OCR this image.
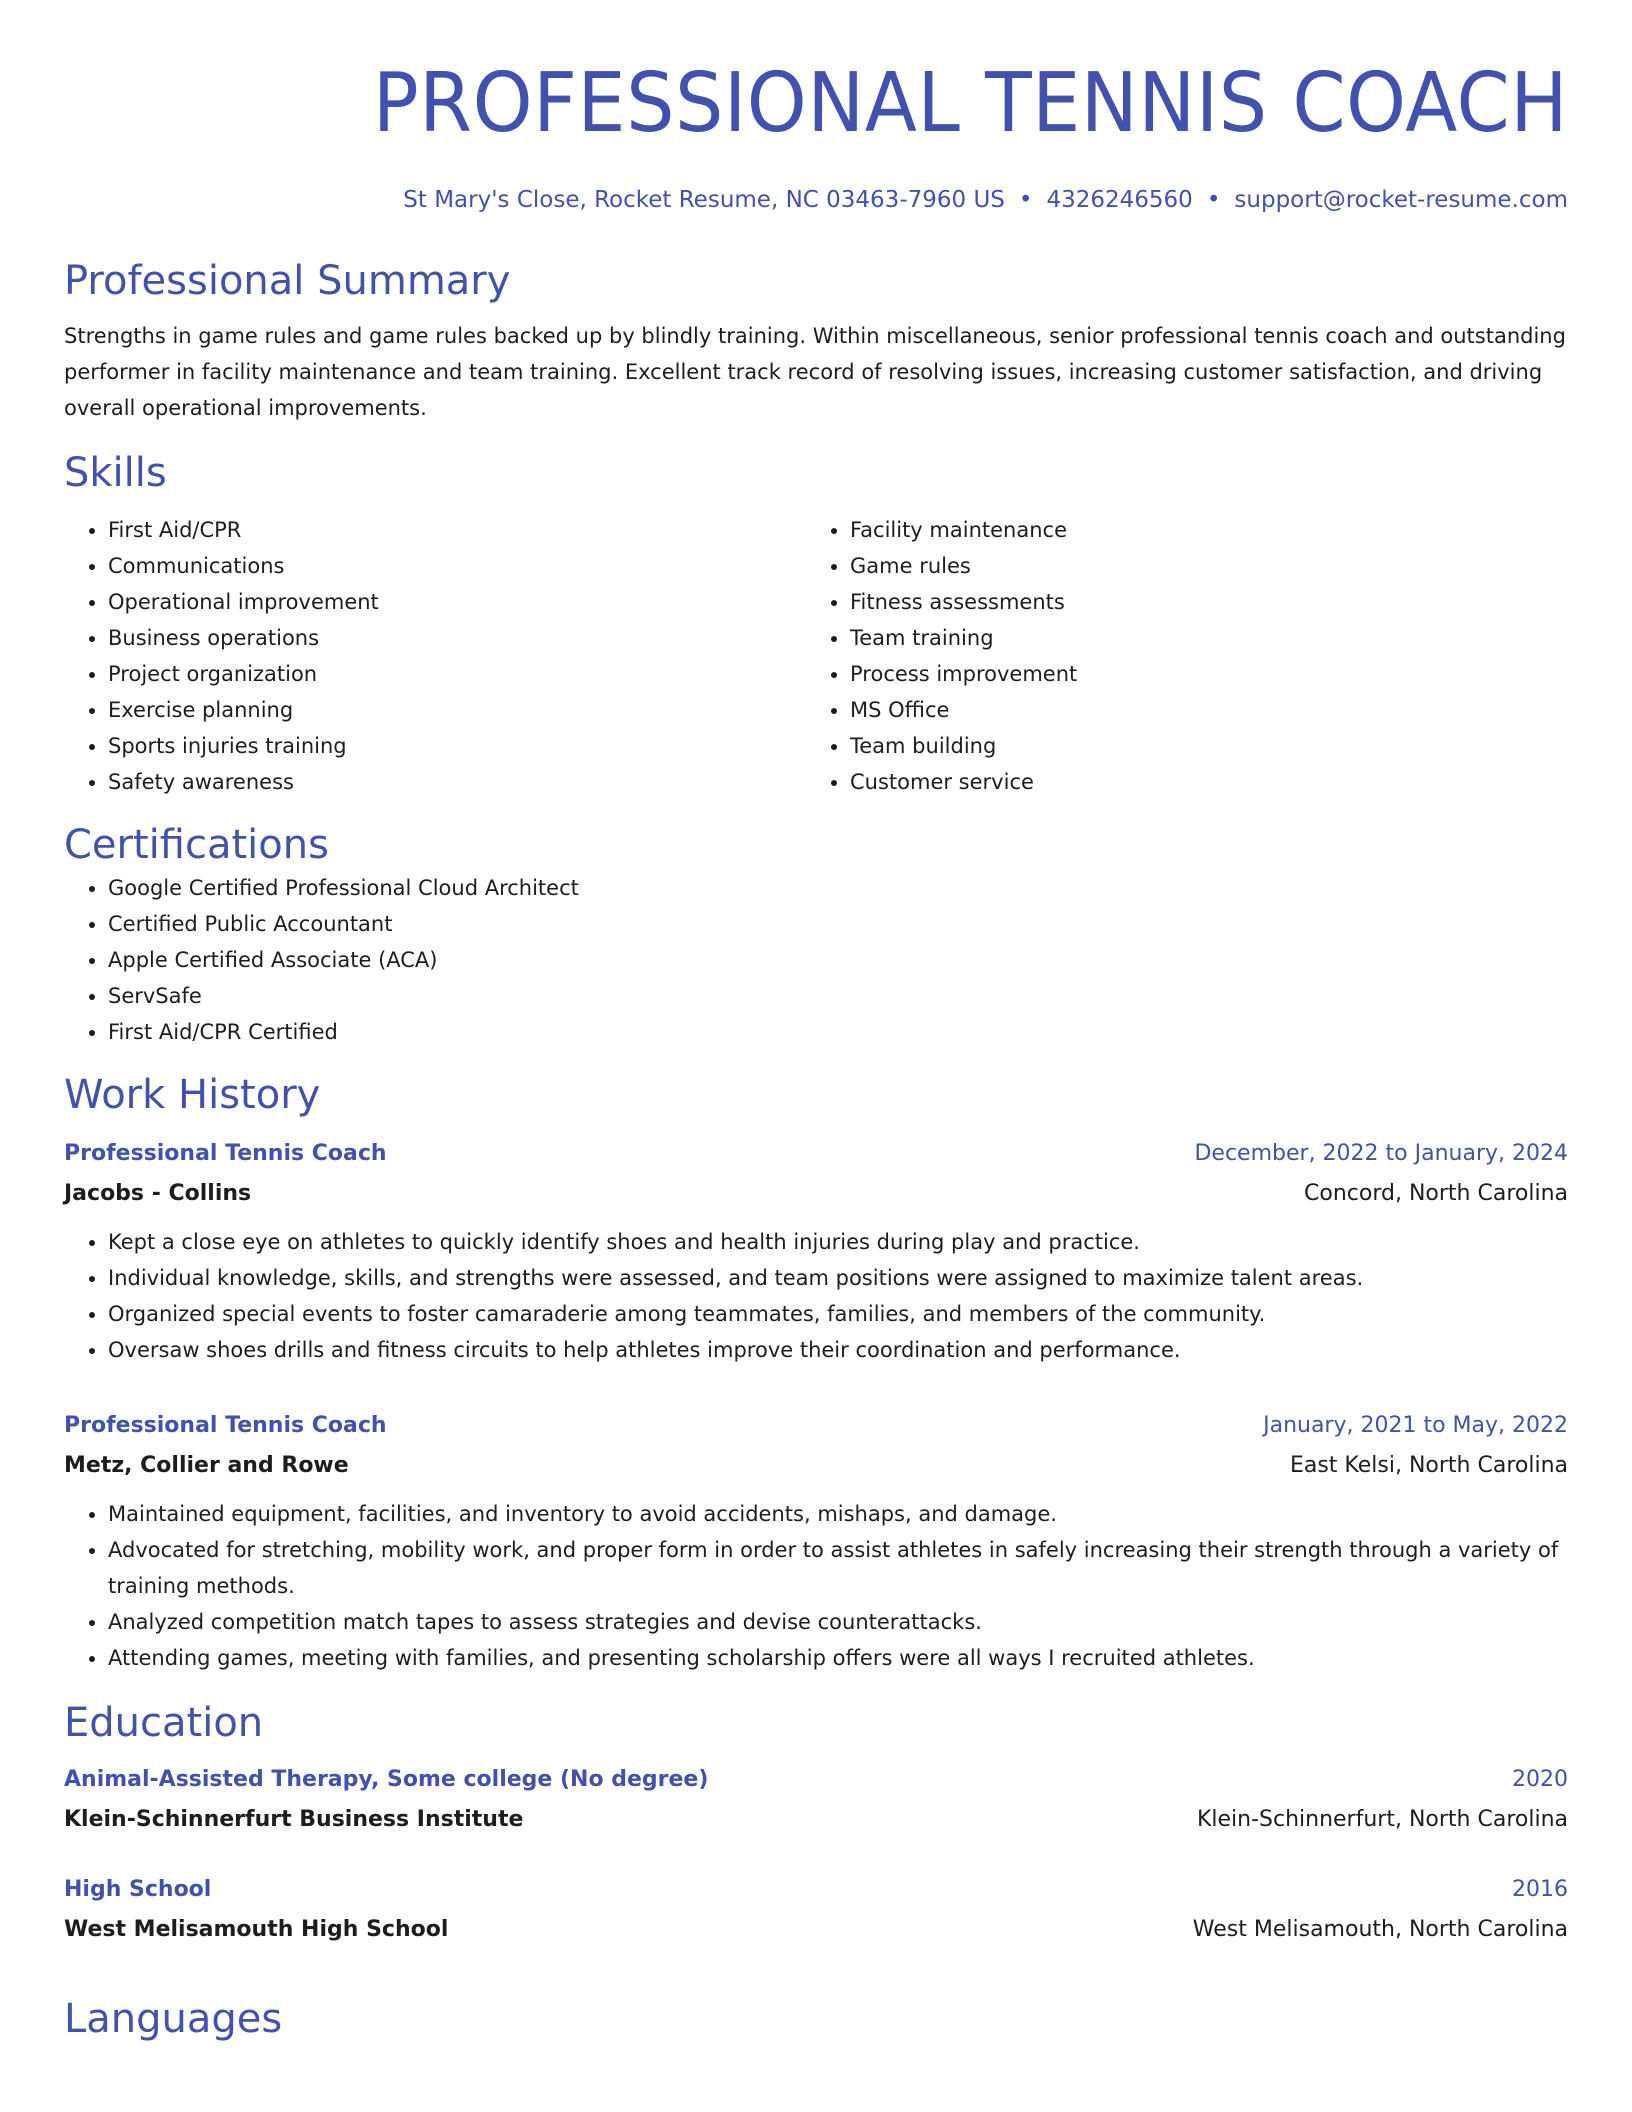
PROFESSIONAL TENNIS COACH
St Mary's Close, Rocket Resume, NC 03463-7960 US • 4326246560 • support@rocket-resume.com
Professional Summary
Strengths in game rules and game rules backed up by blindly training. Within miscellaneous, senior professional tennis coach and outstanding performer in facility maintenance and team training. Excellent track record of resolving issues, increasing customer satisfaction, and driving overall operational improvements.
Skills
• First Aid/CPR
• Communications
• Operational improvement
• Business operations
• Project organization
• Exercise planning
• Sports injuries training
• Safety awareness
• Facility maintenance
• Game rules
• Fitness assessments
• Team training
• Process improvement
• MS Office
• Team building
• Customer service
Certifications
• Google Certified Professional Cloud Architect
• Certified Public Accountant
• Apple Certified Associate (ACA)
• ServSafe
• First Aid/CPR Certified
Work History
Professional Tennis Coach	December, 2022 to January, 2024
Jacobs - Collins	Concord, North Carolina
• Kept a close eye on athletes to quickly identify shoes and health injuries during play and practice.
• Individual knowledge, skills, and strengths were assessed, and team positions were assigned to maximize talent areas.
• Organized special events to foster camaraderie among teammates, families, and members of the community.
• Oversaw shoes drills and fitness circuits to help athletes improve their coordination and performance.
Professional Tennis Coach	January, 2021 to May, 2022
Metz, Collier and Rowe	East Kelsi, North Carolina
• Maintained equipment, facilities, and inventory to avoid accidents, mishaps, and damage.
• Advocated for stretching, mobility work, and proper form in order to assist athletes in safely increasing their strength through a variety of training methods.
• Analyzed competition match tapes to assess strategies and devise counterattacks.
• Attending games, meeting with families, and presenting scholarship offers were all ways I recruited athletes.
Education
Animal-Assisted Therapy, Some college (No degree)	2020
Klein-Schinnerfurt Business Institute	Klein-Schinnerfurt, North Carolina
High School	2016
West Melisamouth High School	West Melisamouth, North Carolina
Languages
